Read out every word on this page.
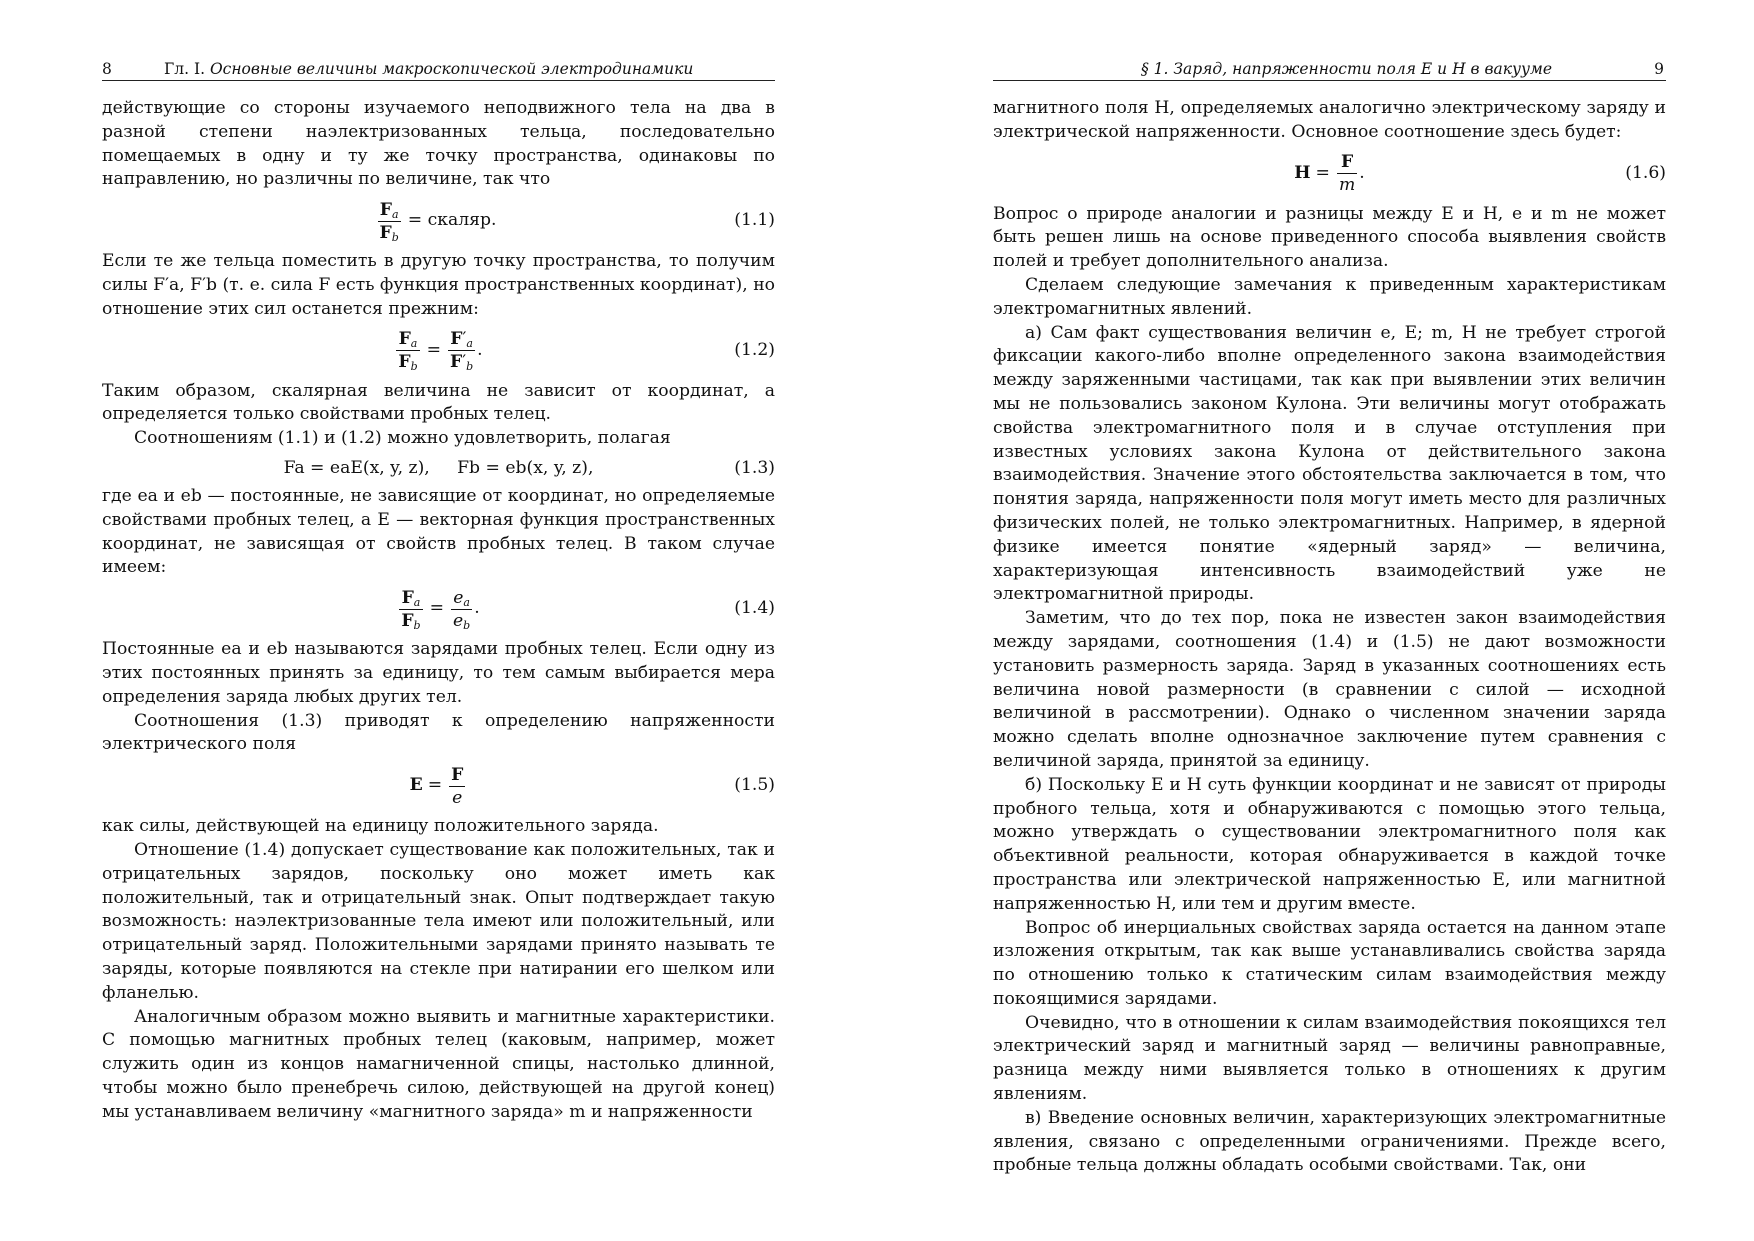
8	Гл. I. Основные величины макроскопической электродинамики

действующие со стороны изучаемого неподвижного тела на два в разной степени наэлектризованных тельца, последовательно помещаемых в одну и ту же точку пространства, одинаковы по направлению, но различны по величине, так что

$\frac{F_a}{F_b}$ = скаляр.	(1.1)

Если те же тельца поместить в другую точку пространства, то получим силы F′a, F′b (т. е. сила F есть функция пространственных координат), но отношение этих сил останется прежним:

$\frac{F_a}{F_b} = \frac{F'_a}{F'_b}$ .	(1.2)

Таким образом, скалярная величина не зависит от координат, а определяется только свойствами пробных телец.

Соотношениям (1.1) и (1.2) можно удовлетворить, полагая

Fa = eaE(x, y, z),     Fb = eb(x, y, z),	(1.3)

где ea и eb — постоянные, не зависящие от координат, но определяемые свойствами пробных телец, а E — векторная функция пространственных координат, не зависящая от свойств пробных телец. В таком случае имеем:

$\frac{F_a}{F_b} = \frac{e_a}{e_b}$ .	(1.4)

Постоянные ea и eb называются зарядами пробных телец. Если одну из этих постоянных принять за единицу, то тем самым выбирается мера определения заряда любых других тел.

Соотношения (1.3) приводят к определению напряженности электрического поля

$E = \frac{F}{e}$	(1.5)

как силы, действующей на единицу положительного заряда.

Отношение (1.4) допускает существование как положительных, так и отрицательных зарядов, поскольку оно может иметь как положительный, так и отрицательный знак. Опыт подтверждает такую возможность: наэлектризованные тела имеют или положительный, или отрицательный заряд. Положительными зарядами принято называть те заряды, которые появляются на стекле при натирании его шелком или фланелью.

Аналогичным образом можно выявить и магнитные характеристики. С помощью магнитных пробных телец (каковым, например, может служить один из концов намагниченной спицы, настолько длинной, чтобы можно было пренебречь силою, действующей на другой конец) мы устанавливаем величину «магнитного заряда» m и напряженности

§ 1. Заряд, напряженности поля E и H в вакууме	9

магнитного поля H, определяемых аналогично электрическому заряду и электрической напряженности. Основное соотношение здесь будет:

$H = \frac{F}{m}$ .	(1.6)

Вопрос о природе аналогии и разницы между E и H, e и m не может быть решен лишь на основе приведенного способа выявления свойств полей и требует дополнительного анализа.

Сделаем следующие замечания к приведенным характеристикам электромагнитных явлений.

а) Сам факт существования величин e, E; m, H не требует строгой фиксации какого-либо вполне определенного закона взаимодействия между заряженными частицами, так как при выявлении этих величин мы не пользовались законом Кулона. Эти величины могут отображать свойства электромагнитного поля и в случае отступления при известных условиях закона Кулона от действительного закона взаимодействия. Значение этого обстоятельства заключается в том, что понятия заряда, напряженности поля могут иметь место для различных физических полей, не только электромагнитных. Например, в ядерной физике имеется понятие «ядерный заряд» — величина, характеризующая интенсивность взаимодействий уже не электромагнитной природы.

Заметим, что до тех пор, пока не известен закон взаимодействия между зарядами, соотношения (1.4) и (1.5) не дают возможности установить размерность заряда. Заряд в указанных соотношениях есть величина новой размерности (в сравнении с силой — исходной величиной в рассмотрении). Однако о численном значении заряда можно сделать вполне однозначное заключение путем сравнения с величиной заряда, принятой за единицу.

б) Поскольку E и H суть функции координат и не зависят от природы пробного тельца, хотя и обнаруживаются с помощью этого тельца, можно утверждать о существовании электромагнитного поля как объективной реальности, которая обнаруживается в каждой точке пространства или электрической напряженностью E, или магнитной напряженностью H, или тем и другим вместе.

Вопрос об инерциальных свойствах заряда остается на данном этапе изложения открытым, так как выше устанавливались свойства заряда по отношению только к статическим силам взаимодействия между покоящимися зарядами.

Очевидно, что в отношении к силам взаимодействия покоящихся тел электрический заряд и магнитный заряд — величины равноправные, разница между ними выявляется только в отношениях к другим явлениям.

в) Введение основных величин, характеризующих электромагнитные явления, связано с определенными ограничениями. Прежде всего, пробные тельца должны обладать особыми свойствами. Так, они
